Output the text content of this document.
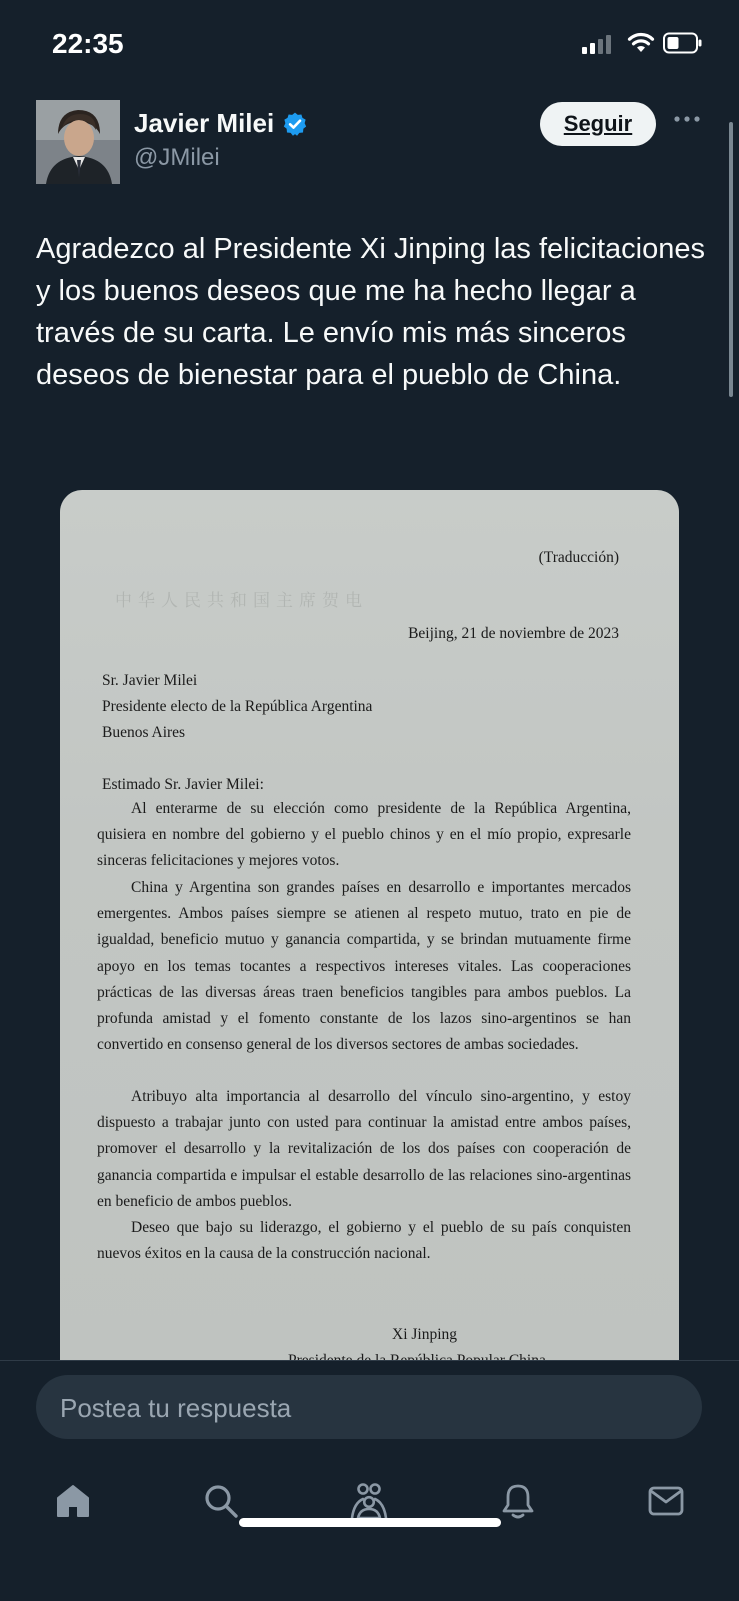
22:35
Javier Milei
@JMilei
Seguir
Agradezco al Presidente Xi Jinping las felicitaciones y los buenos deseos que me ha hecho llegar a través de su carta. Le envío mis más sinceros deseos de bienestar para el pueblo de China.
中华人民共和国主席贺电
(Traducción)
Beijing, 21 de noviembre de 2023
Sr. Javier Milei
Presidente electo de la República Argentina
Buenos Aires
Estimado Sr. Javier Milei:
Al enterarme de su elección como presidente de la República Argentina, quisiera en nombre del gobierno y el pueblo chinos y en el mío propio, expresarle sinceras felicitaciones y mejores votos.
China y Argentina son grandes países en desarrollo e importantes mercados emergentes. Ambos países siempre se atienen al respeto mutuo, trato en pie de igualdad, beneficio mutuo y ganancia compartida, y se brindan mutuamente firme apoyo en los temas tocantes a respectivos intereses vitales. Las cooperaciones prácticas de las diversas áreas traen beneficios tangibles para ambos pueblos. La profunda amistad y el fomento constante de los lazos sino-argentinos se han convertido en consenso general de los diversos sectores de ambas sociedades.
Atribuyo alta importancia al desarrollo del vínculo sino-argentino, y estoy dispuesto a trabajar junto con usted para continuar la amistad entre ambos países, promover el desarrollo y la revitalización de los dos países con cooperación de ganancia compartida e impulsar el estable desarrollo de las relaciones sino-argentinas en beneficio de ambos pueblos.
Deseo que bajo su liderazgo, el gobierno y el pueblo de su país conquisten nuevos éxitos en la causa de la construcción nacional.
Xi Jinping
Postea tu respuesta
